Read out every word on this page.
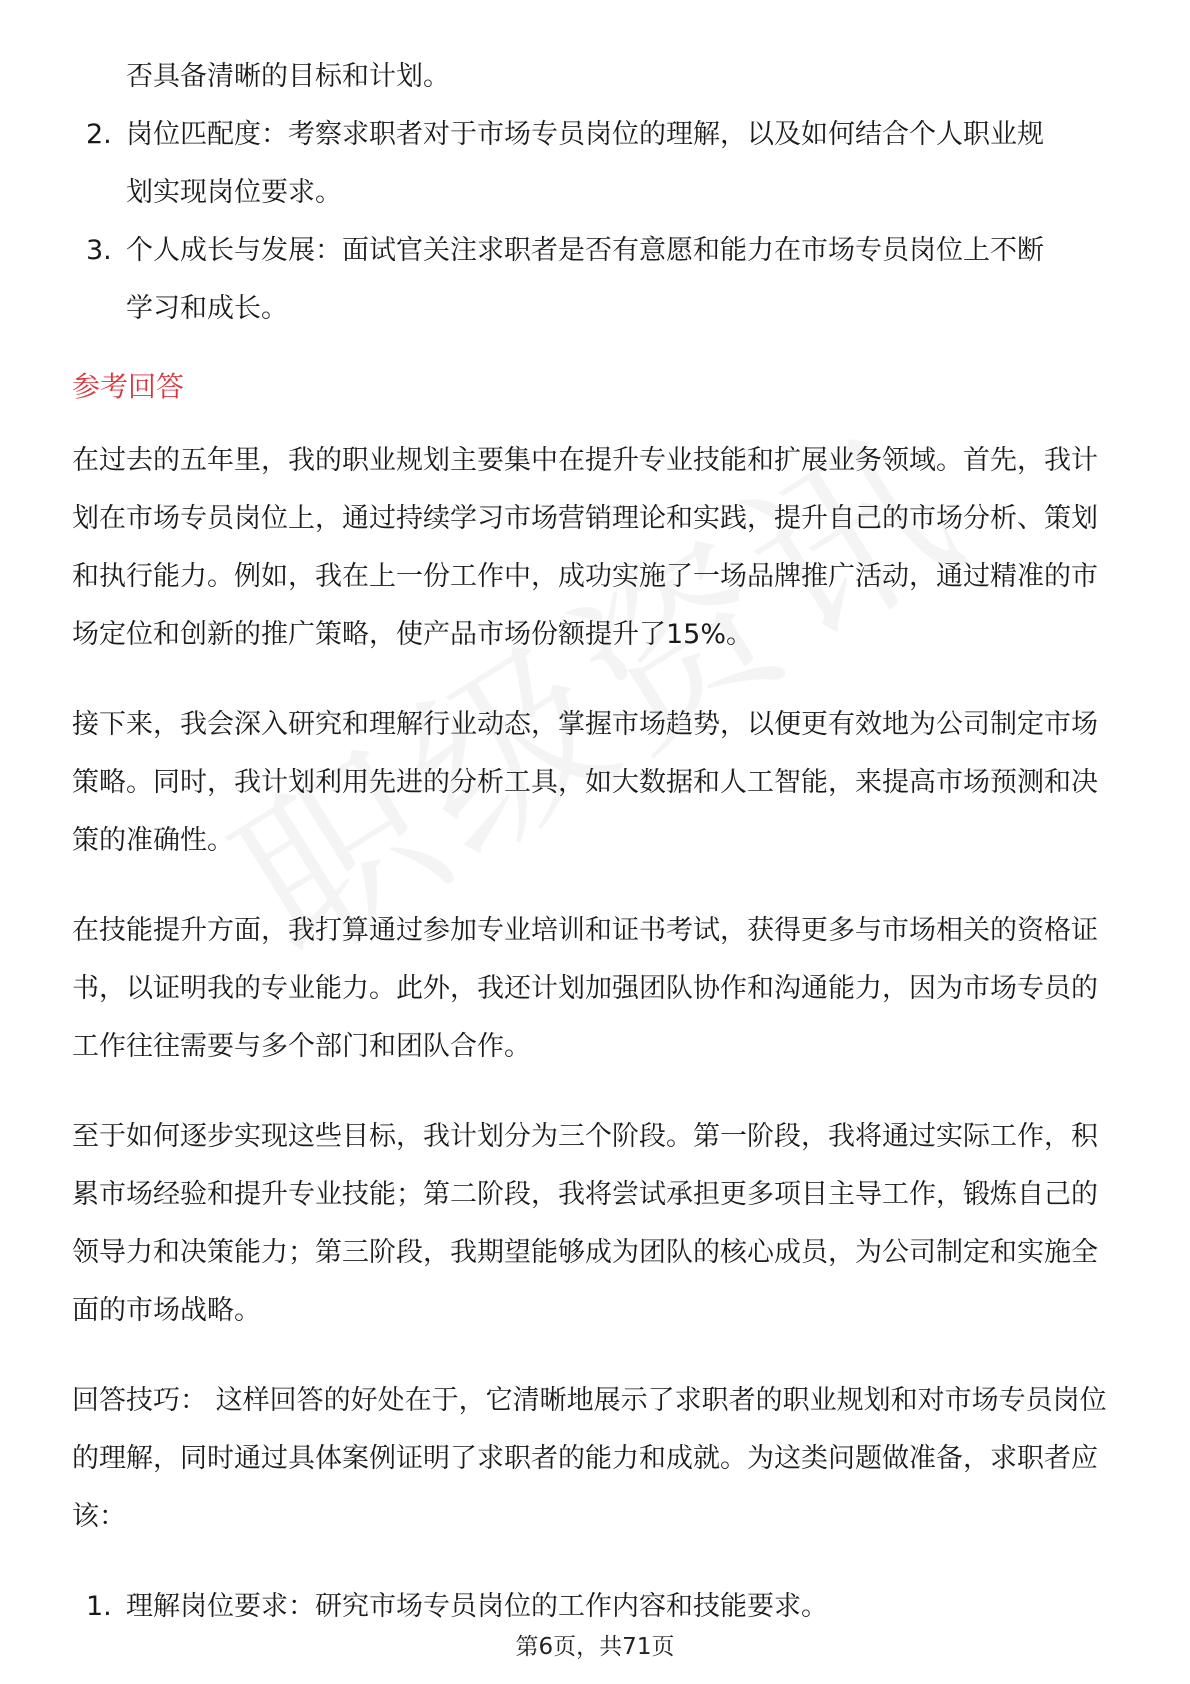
否具备清晰的目标和计划。
2. 岗位匹配度：考察求职者对于市场专员岗位的理解，以及如何结合个人职业规
划实现岗位要求。
3. 个人成长与发展：面试官关注求职者是否有意愿和能力在市场专员岗位上不断
学习和成长。
参考回答

在过去的五年里，我的职业规划主要集中在提升专业技能和扩展业务领域。首先，我计划在市场专员岗位上，通过持续学习市场营销理论和实践，提升自己的市场分析、策划和执行能力。例如，我在上一份工作中，成功实施了一场品牌推广活动，通过精准的市场定位和创新的推广策略，使产品市场份额提升了15%。

接下来，我会深入研究和理解行业动态，掌握市场趋势，以便更有效地为公司制定市场策略。同时，我计划利用先进的分析工具，如大数据和人工智能，来提高市场预测和决策的准确性。

在技能提升方面，我打算通过参加专业培训和证书考试，获得更多与市场相关的资格证书，以证明我的专业能力。此外，我还计划加强团队协作和沟通能力，因为市场专员的工作往往需要与多个部门和团队合作。

至于如何逐步实现这些目标，我计划分为三个阶段。第一阶段，我将通过实际工作，积累市场经验和提升专业技能；第二阶段，我将尝试承担更多项目主导工作，锻炼自己的领导力和决策能力；第三阶段，我期望能够成为团队的核心成员，为公司制定和实施全面的市场战略。

回答技巧： 这样回答的好处在于，它清晰地展示了求职者的职业规划和对市场专员岗位的理解，同时通过具体案例证明了求职者的能力和成就。为这类问题做准备，求职者应该：

1. 理解岗位要求：研究市场专员岗位的工作内容和技能要求。
第6页，共71页
